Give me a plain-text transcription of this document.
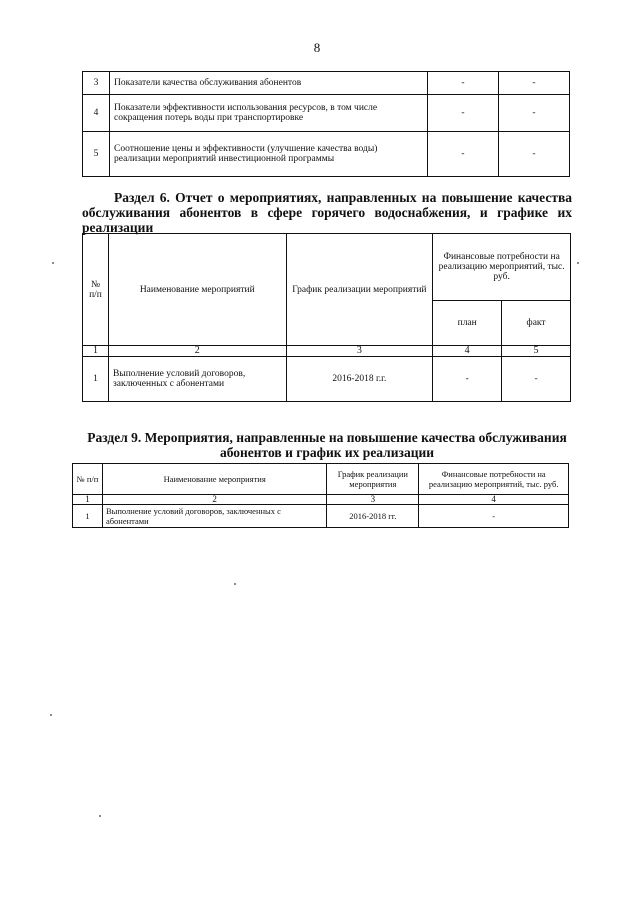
8
3	Показатели качества обслуживания абонентов	-	-
4	Показатели эффективности использования ресурсов, в том числе сокращения потерь воды при транспортировке	-	-
5	Соотношение цены и эффективности (улучшение качества воды) реализации мероприятий инвестиционной программы	-	-
Раздел 6. Отчет о мероприятиях, направленных на повышение качества обслуживания абонентов в сфере горячего водоснабжения, и графике их реализации
№ п/п	Наименование мероприятий	График реализации мероприятий	Финансовые потребности на реализацию мероприятий, тыс. руб.	
			план	факт
1	2	3	4	5
1	Выполнение условий договоров, заключенных с абонентами	2016-2018 г.г.	-	-
Раздел 9. Мероприятия, направленные на повышение качества обслуживания абонентов и график их реализации
№ п/п	Наименование мероприятия	График реализации мероприятия	Финансовые потребности на реализацию мероприятий, тыс. руб.
1	2	3	4
1	Выполнение условий договоров, заключенных с абонентами	2016-2018 гг.	-
